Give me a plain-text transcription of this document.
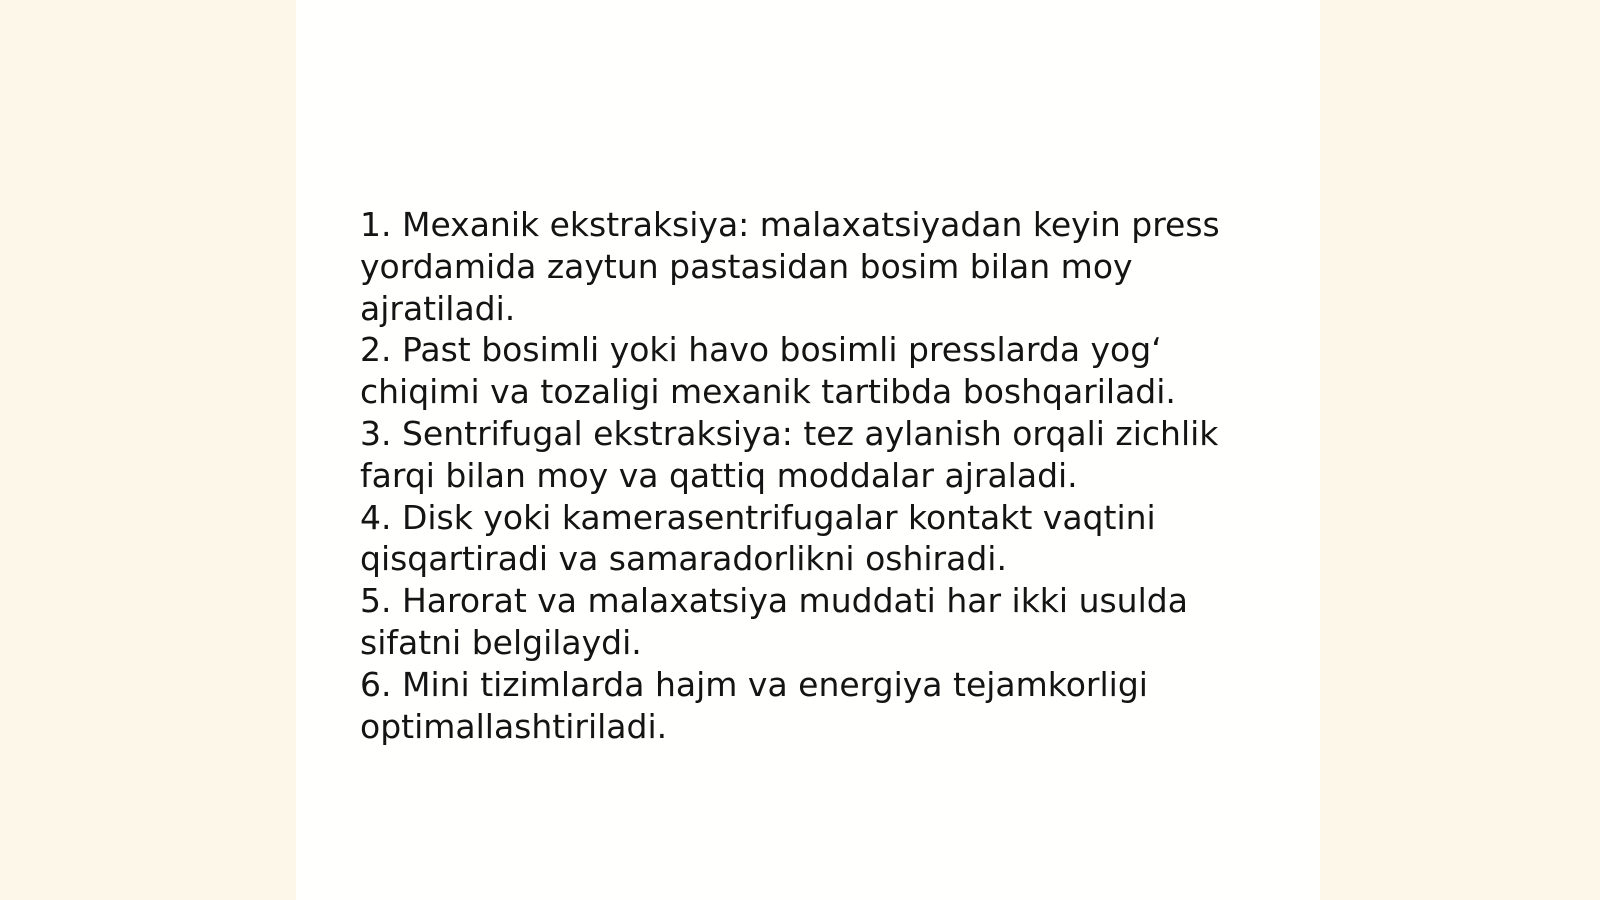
1. Mexanik ekstraksiya: malaxatsiyadan keyin press yordamida zaytun pastasidan bosim bilan moy ajratiladi.
2. Past bosimli yoki havo bosimli presslarda yog‘ chiqimi va tozaligi mexanik tartibda boshqariladi.
3. Sentrifugal ekstraksiya: tez aylanish orqali zichlik farqi bilan moy va qattiq moddalar ajraladi.
4. Disk yoki kamerasentrifugalar kontakt vaqtini qisqartiradi va samaradorlikni oshiradi.
5. Harorat va malaxatsiya muddati har ikki usulda sifatni belgilaydi.
6. Mini tizimlarda hajm va energiya tejamkorligi optimallashtiriladi.
